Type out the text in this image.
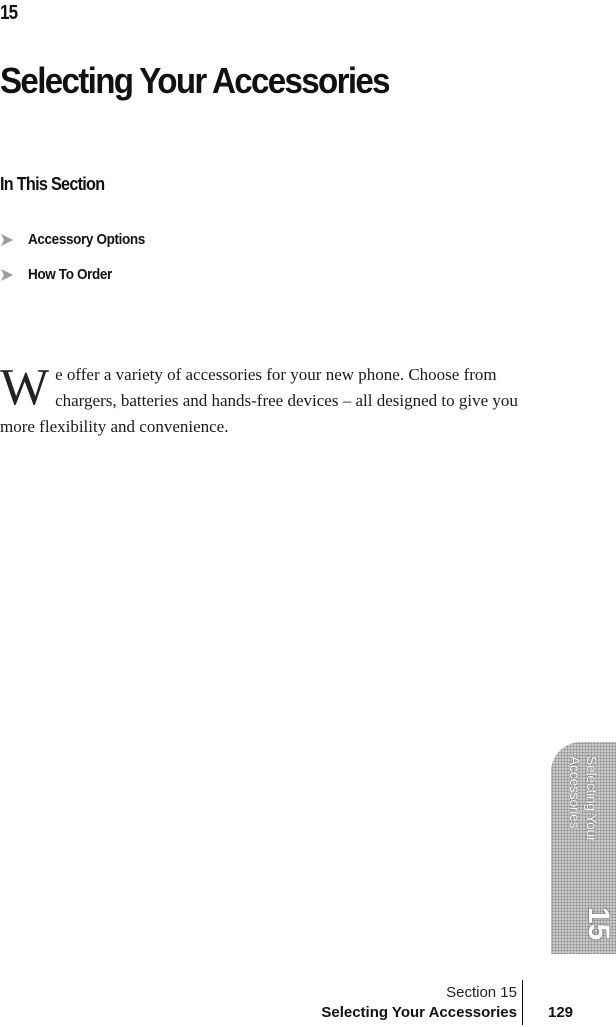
15
Selecting Your Accessories
In This Section
Accessory Options
How To Order
W e offer a variety of accessories for your new phone. Choose from chargers, batteries and hands-free devices – all designed to give you more flexibility and convenience.
Selecting Your
Accessories
15
Section 15
Selecting Your Accessories 129
